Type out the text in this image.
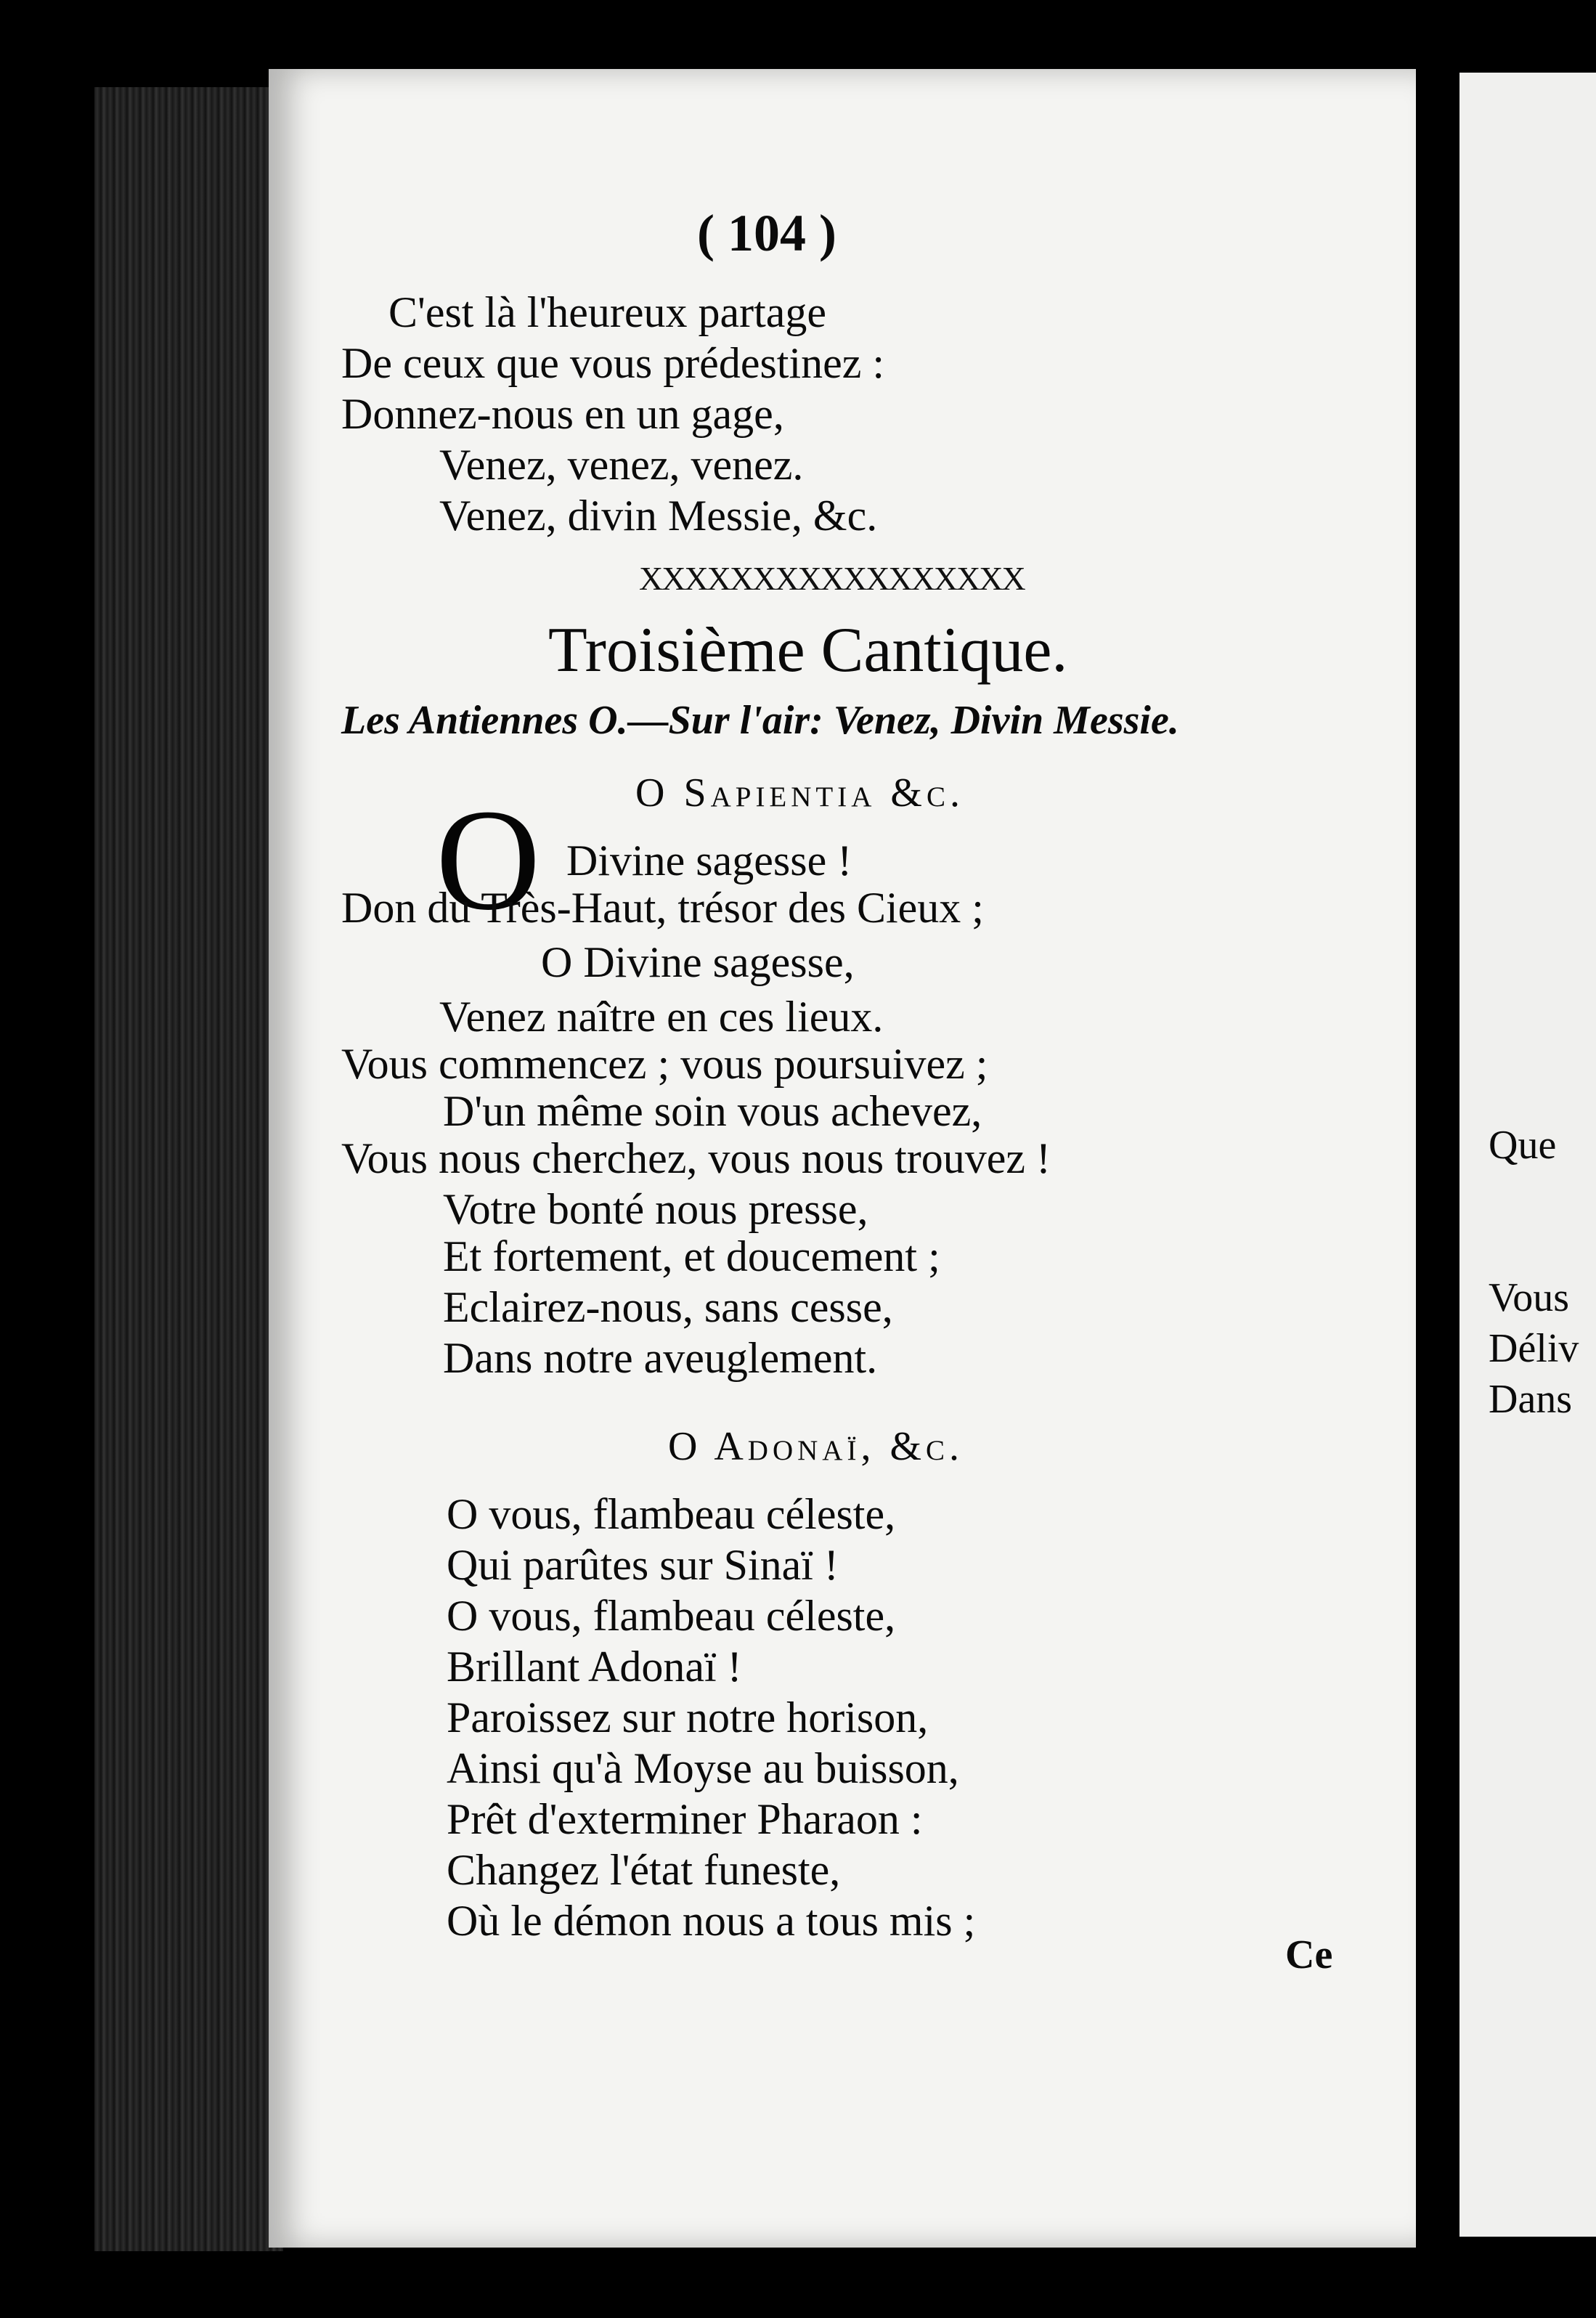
( 104 )
C'est là l'heureux partage
De ceux que vous prédestinez :
Donnez-nous en un gage,
Venez, venez, venez.
Venez, divin Messie, &c.
XXXXXXXXXXXXXXXXX
Troisième Cantique.
Les Antiennes O.—Sur l'air: Venez, Divin Messie.
O Sapientia &c.
O Divine sagesse !
Don du Très-Haut, trésor des Cieux ;
O Divine sagesse,
Venez naître en ces lieux.
Vous commencez ; vous poursuivez ;
D'un même soin vous achevez,
Vous nous cherchez, vous nous trouvez !
Votre bonté nous presse,
Et fortement, et doucement ;
Eclairez-nous, sans cesse,
Dans notre aveuglement.
O Adonaï, &c.
O vous, flambeau céleste,
Qui parûtes sur Sinaï !
O vous, flambeau céleste,
Brillant Adonaï !
Paroissez sur notre horison,
Ainsi qu'à Moyse au buisson,
Prêt d'exterminer Pharaon :
Changez l'état funeste,
Où le démon nous a tous mis ;
Ce
Que
Vous
Déliv
Dans
